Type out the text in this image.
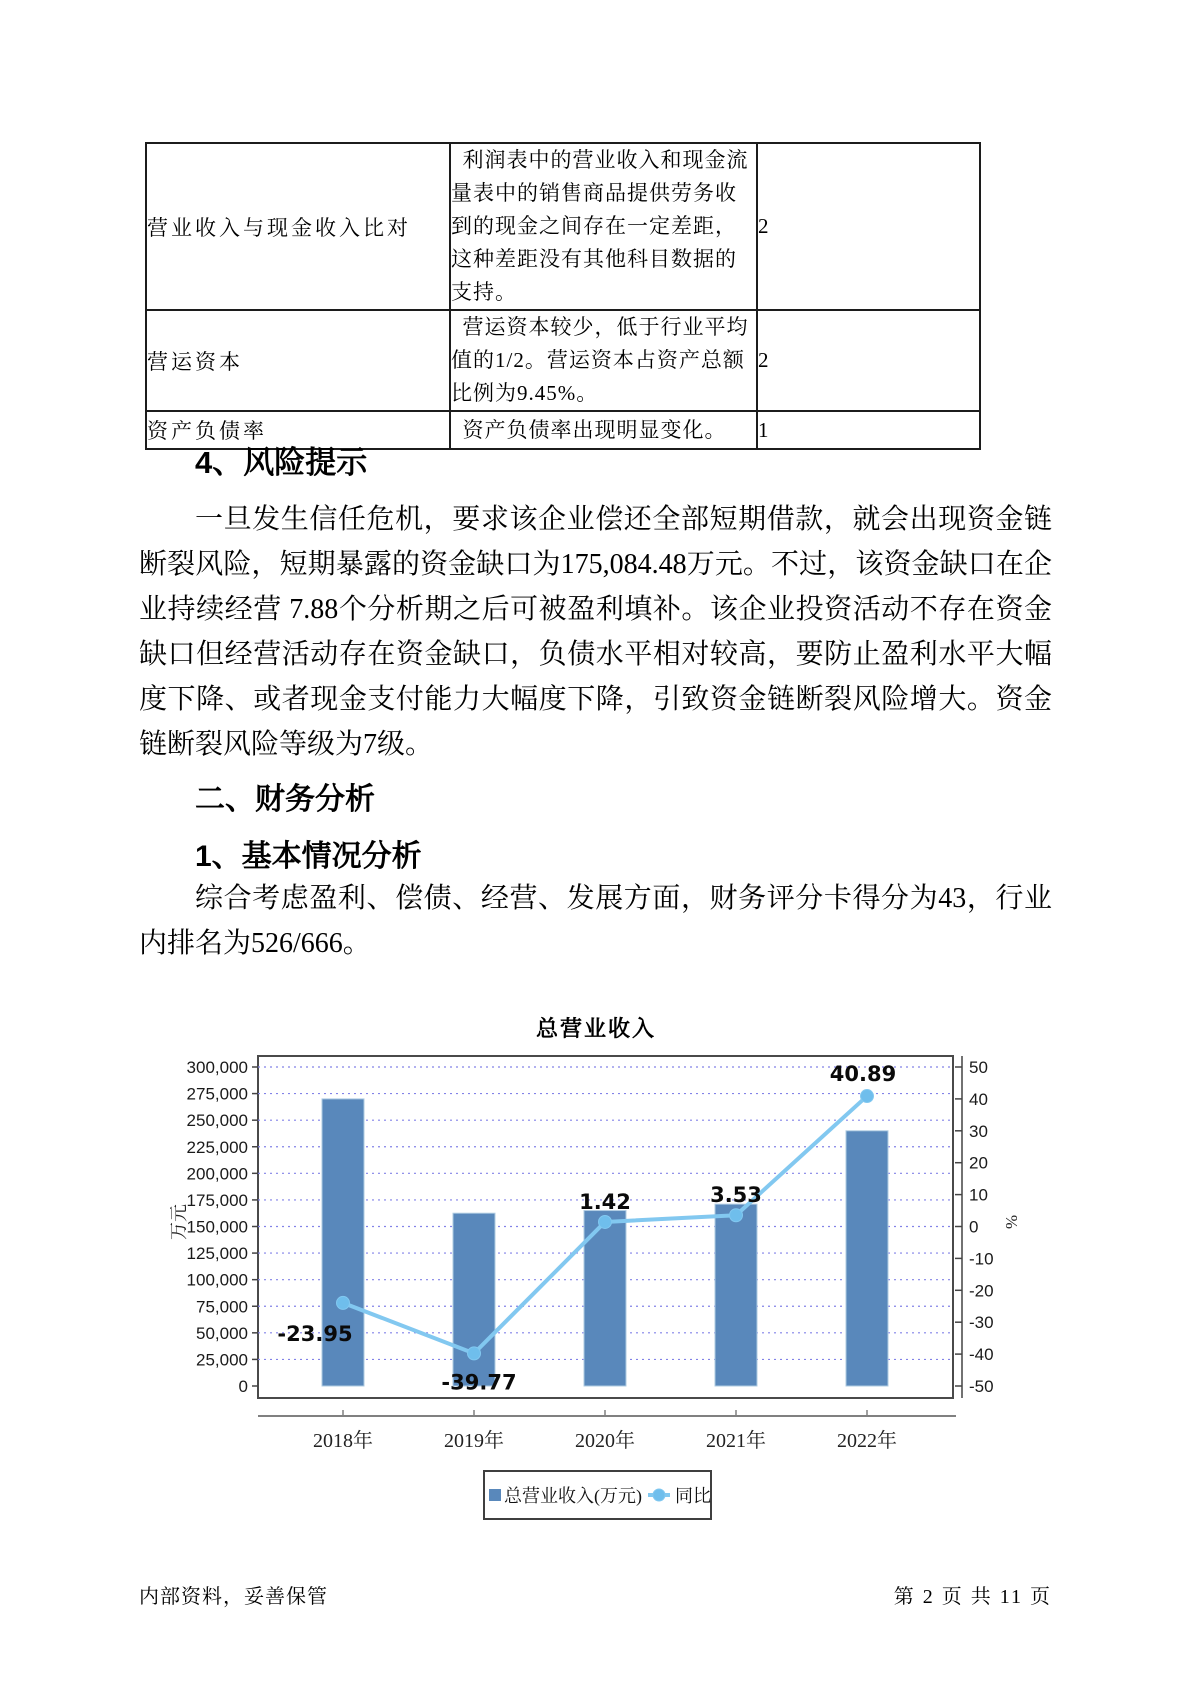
营业收入与现金收入比对	利润表中的营业收入和现金流量表中的销售商品提供劳务收到的现金之间存在一定差距，这种差距没有其他科目数据的支持。	2
营运资本	营运资本较少，低于行业平均值的1/2。营运资本占资产总额比例为9.45%。	2
资产负债率	资产负债率出现明显变化。	1
4、风险提示

一旦发生信任危机，要求该企业偿还全部短期借款，就会出现资金链断裂风险，短期暴露的资金缺口为175,084.48万元。不过，该资金缺口在企业持续经营 7.88个分析期之后可被盈利填补。该企业投资活动不存在资金缺口但经营活动存在资金缺口，负债水平相对较高，要防止盈利水平大幅度下降、或者现金支付能力大幅度下降，引致资金链断裂风险增大。资金链断裂风险等级为7级。

二、财务分析
1、基本情况分析

综合考虑盈利、偿债、经营、发展方面，财务评分卡得分为43，行业内排名为526/666。

总营业收入
0
25,000
50,000
75,000
100,000
125,000
150,000
175,000
200,000
225,000
250,000
275,000
300,000
-50
-40
-30
-20
-10
0
10
20
30
40
50
万元	%
-23.95
-39.77
1.42	3.53
40.89
2018年	2019年	2020年	2021年	2022年
总营业收入(万元) 同比
内部资料，妥善保管	第 2 页 共 11 页
